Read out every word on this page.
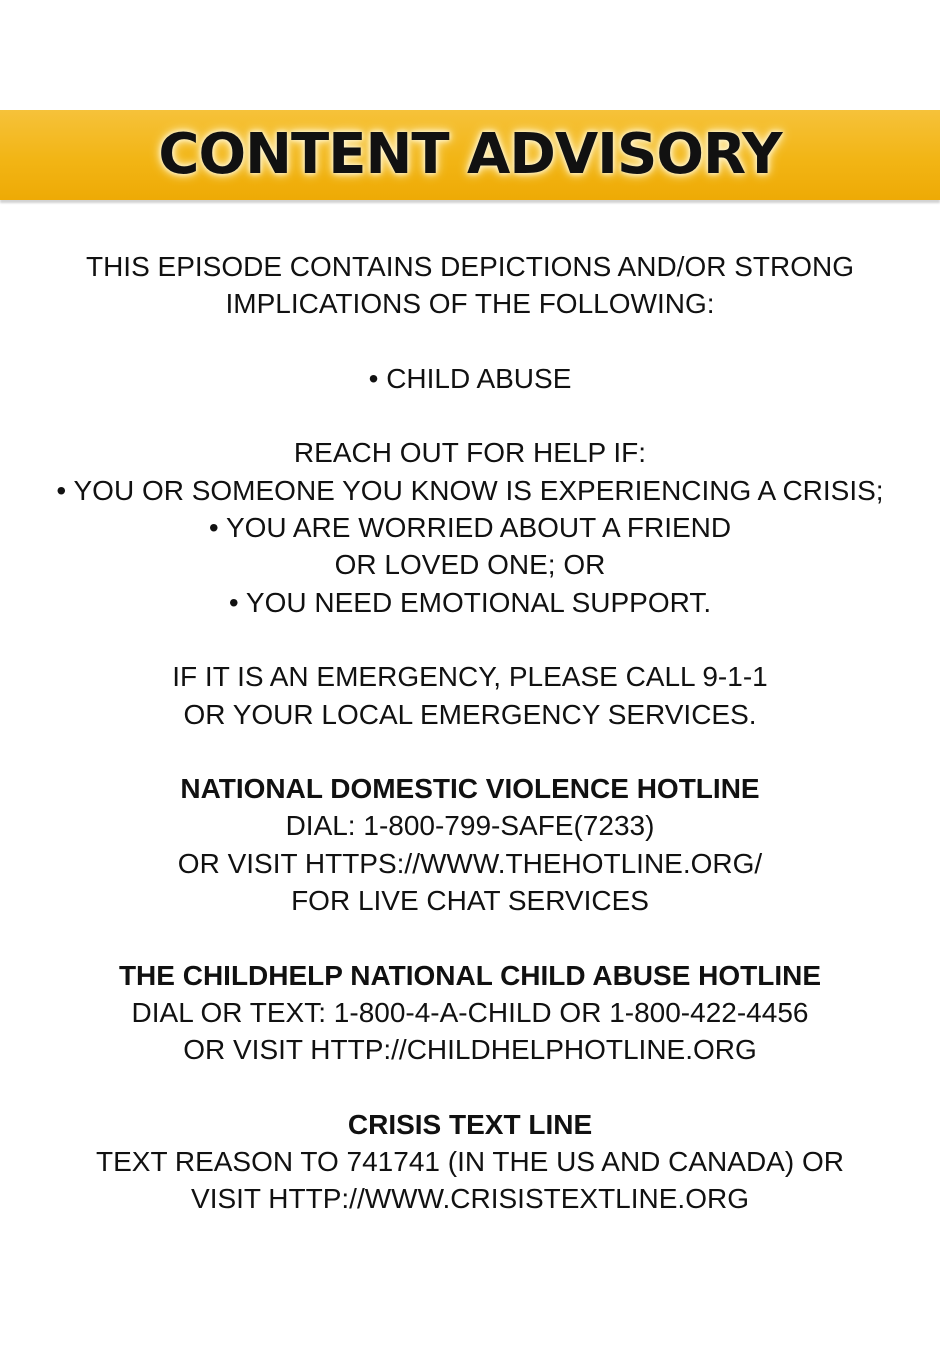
CONTENT ADVISORY
THIS EPISODE CONTAINS DEPICTIONS AND/OR STRONG
IMPLICATIONS OF THE FOLLOWING:
• CHILD ABUSE
REACH OUT FOR HELP IF:
• YOU OR SOMEONE YOU KNOW IS EXPERIENCING A CRISIS;
• YOU ARE WORRIED ABOUT A FRIEND
OR LOVED ONE; OR
• YOU NEED EMOTIONAL SUPPORT.
IF IT IS AN EMERGENCY, PLEASE CALL 9-1-1
OR YOUR LOCAL EMERGENCY SERVICES.
NATIONAL DOMESTIC VIOLENCE HOTLINE
DIAL: 1-800-799-SAFE(7233)
OR VISIT HTTPS://WWW.THEHOTLINE.ORG/
FOR LIVE CHAT SERVICES
THE CHILDHELP NATIONAL CHILD ABUSE HOTLINE
DIAL OR TEXT: 1-800-4-A-CHILD OR 1-800-422-4456
OR VISIT HTTP://CHILDHELPHOTLINE.ORG
CRISIS TEXT LINE
TEXT REASON TO 741741 (IN THE US AND CANADA) OR
VISIT HTTP://WWW.CRISISTEXTLINE.ORG
